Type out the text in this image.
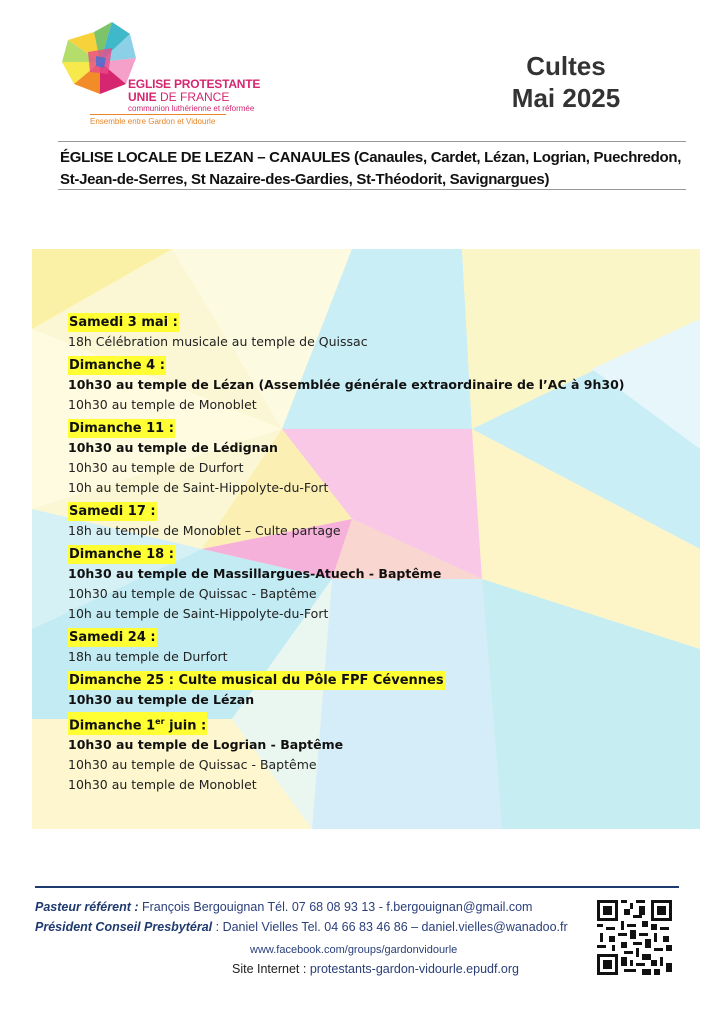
EGLISE PROTESTANTE
UNIE DE FRANCE
communion luthérienne et réformée
Ensemble entre Gardon et Vidourle
Cultes
Mai 2025
ÉGLISE LOCALE DE LEZAN – CANAULES (Canaules, Cardet, Lézan, Logrian, Puechredon,
St-Jean-de-Serres, St Nazaire-des-Gardies, St-Théodorit, Savignargues)
Samedi 3 mai :
18h Célébration musicale au temple de Quissac
Dimanche 4 :
10h30 au temple de Lézan (Assemblée générale extraordinaire de l’AC à 9h30)
10h30 au temple de Monoblet
Dimanche 11 :
10h30 au temple de Lédignan
10h30 au temple de Durfort
10h au temple de Saint-Hippolyte-du-Fort
Samedi 17 :
18h au temple de Monoblet – Culte partage
Dimanche 18 :
10h30 au temple de Massillargues-Atuech - Baptême
10h30 au temple de Quissac - Baptême
10h au temple de Saint-Hippolyte-du-Fort
Samedi 24 :
18h au temple de Durfort
Dimanche 25 : Culte musical du Pôle FPF Cévennes
10h30 au temple de Lézan
Dimanche 1er juin :
10h30 au temple de Logrian - Baptême
10h30 au temple de Quissac - Baptême
10h30 au temple de Monoblet
Pasteur référent : François Bergouignan Tél. 07 68 08 93 13 - f.bergouignan@gmail.com
Président Conseil Presbytéral : Daniel Vielles Tel. 04 66 83 46 86 – daniel.vielles@wanadoo.fr
www.facebook.com/groups/gardonvidourle
Site Internet : protestants-gardon-vidourle.epudf.org
